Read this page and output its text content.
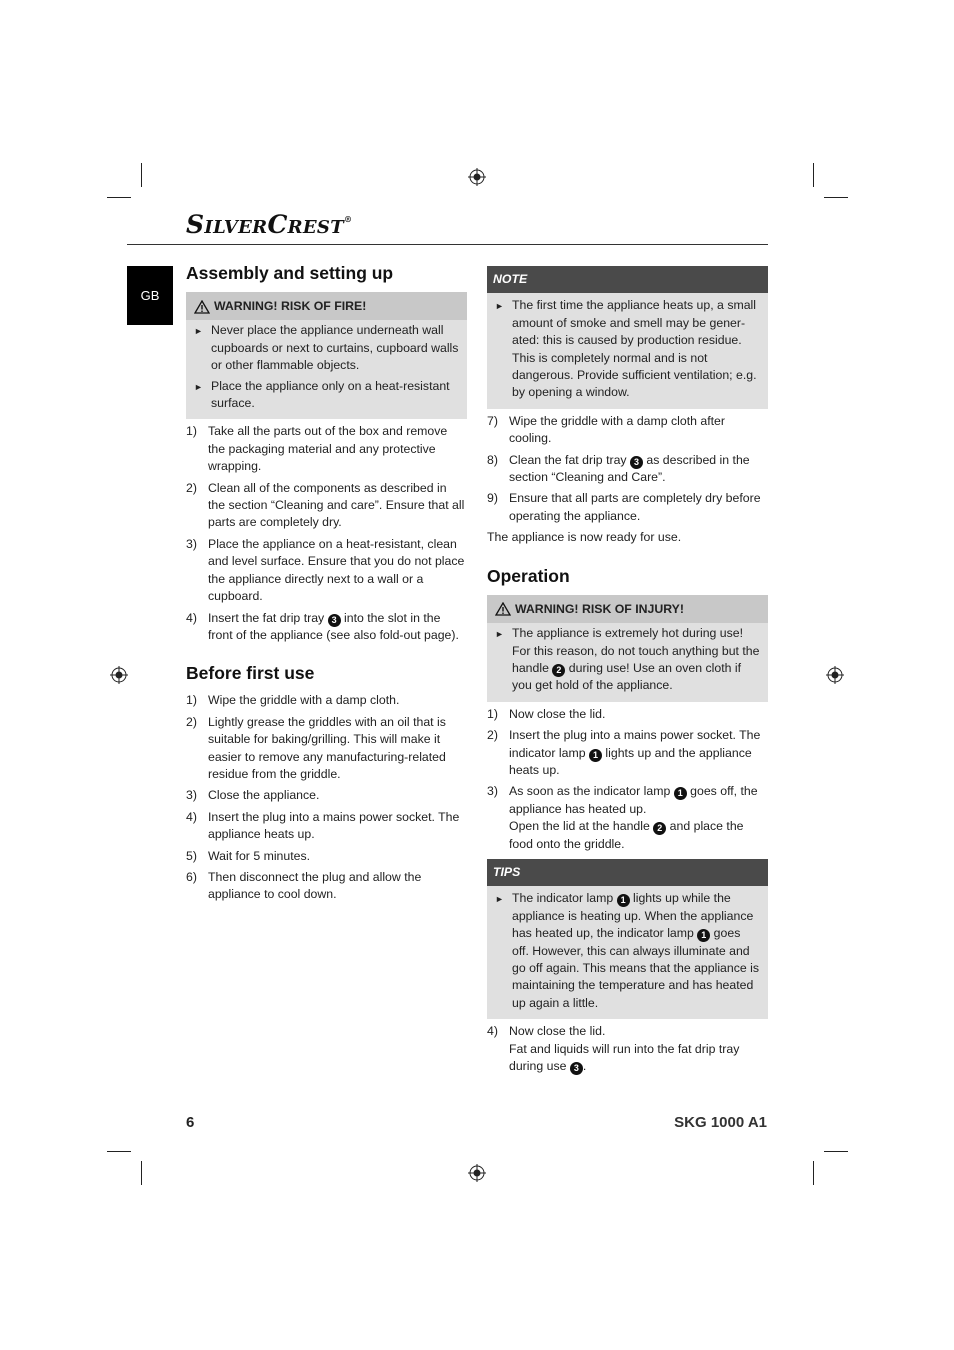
SILVERCREST®
GB
Assembly and setting up
WARNING! RISK OF FIRE!
► Never place the appliance underneath wall cupboards or next to curtains, cupboard walls or other flammable objects.
► Place the appliance only on a heat-resistant surface.
1) Take all the parts out of the box and remove the packaging material and any protective wrapping.
2) Clean all of the components as described in the section “Cleaning and care”. Ensure that all parts are completely dry.
3) Place the appliance on a heat-resistant, clean and level surface. Ensure that you do not place the appliance directly next to a wall or a cupboard.
4) Insert the fat drip tray 3 into the slot in the front of the appliance (see also fold-out page).
Before first use
1) Wipe the griddle with a damp cloth.
2) Lightly grease the griddles with an oil that is suitable for baking/grilling. This will make it easier to remove any manufacturing-related residue from the griddle.
3) Close the appliance.
4) Insert the plug into a mains power socket. The appliance heats up.
5) Wait for 5 minutes.
6) Then disconnect the plug and allow the appliance to cool down.
NOTE
► The first time the appliance heats up, a small amount of smoke and smell may be generated: this is caused by production residue. This is completely normal and is not dangerous. Provide sufficient ventilation; e.g. by opening a window.
7) Wipe the griddle with a damp cloth after cooling.
8) Clean the fat drip tray 3 as described in the section “Cleaning and Care”.
9) Ensure that all parts are completely dry before operating the appliance.
The appliance is now ready for use.
Operation
WARNING! RISK OF INJURY!
► The appliance is extremely hot during use! For this reason, do not touch anything but the handle 2 during use! Use an oven cloth if you get hold of the appliance.
1) Now close the lid.
2) Insert the plug into a mains power socket. The indicator lamp 1 lights up and the appliance heats up.
3) As soon as the indicator lamp 1 goes off, the appliance has heated up.
Open the lid at the handle 2 and place the food onto the griddle.
TIPS
► The indicator lamp 1 lights up while the appliance is heating up. When the appliance has heated up, the indicator lamp 1 goes off. However, this can always illuminate and go off again. This means that the appliance is maintaining the temperature and has heated up again a little.
4) Now close the lid.
Fat and liquids will run into the fat drip tray during use 3 .
6	SKG 1000 A1
